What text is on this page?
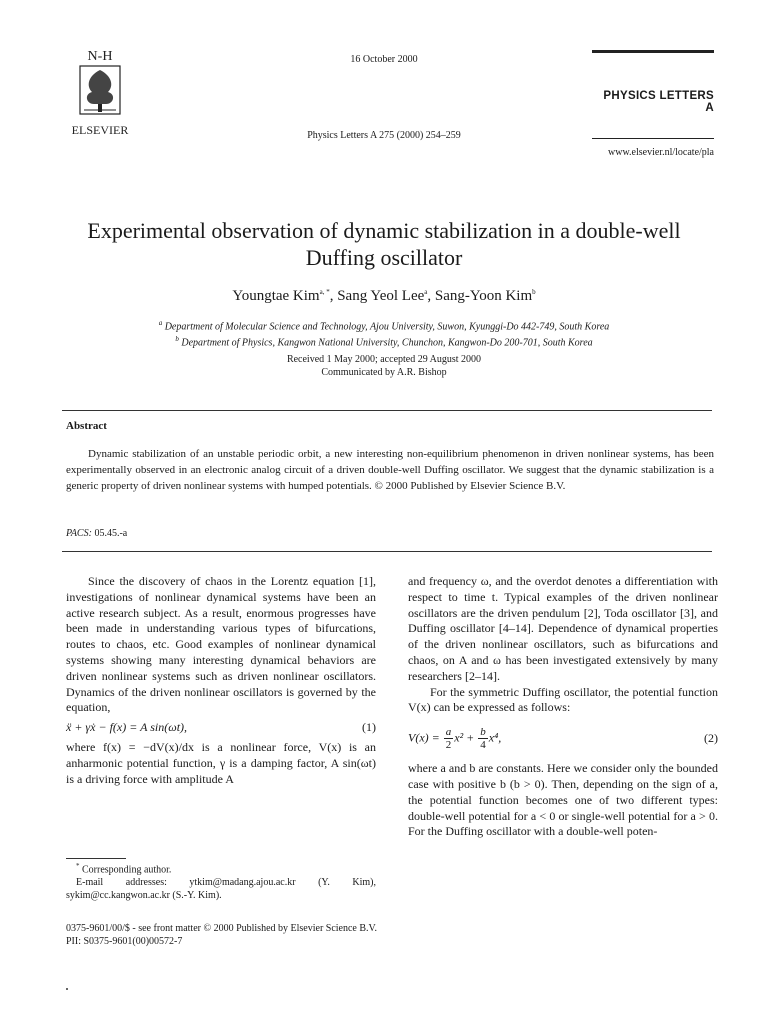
N-H
ELSEVIER
16 October 2000
Physics Letters A 275 (2000) 254–259
PHYSICS LETTERS A
www.elsevier.nl/locate/pla
Experimental observation of dynamic stabilization in a double-well Duffing oscillator
Youngtae Kim$^{a, *}$, Sang Yeol Lee$^a$, Sang-Yoon Kim$^b$
$^a$ Department of Molecular Science and Technology, Ajou University, Suwon, Kyunggi-Do 442-749, South Korea
$^b$ Department of Physics, Kangwon National University, Chunchon, Kangwon-Do 200-701, South Korea
Received 1 May 2000; accepted 29 August 2000
Communicated by A.R. Bishop
Abstract
Dynamic stabilization of an unstable periodic orbit, a new interesting non-equilibrium phenomenon in driven nonlinear systems, has been experimentally observed in an electronic analog circuit of a driven double-well Duffing oscillator. We suggest that the dynamic stabilization is a generic property of driven nonlinear systems with humped potentials. © 2000 Published by Elsevier Science B.V.
PACS: 05.45.-a

Since the discovery of chaos in the Lorentz equation [1], investigations of nonlinear dynamical systems have been an active research subject. As a result, enormous progresses have been made in understanding various types of bifurcations, routes to chaos, etc. Good examples of nonlinear dynamical systems showing many interesting dynamical behaviors are driven nonlinear systems such as driven nonlinear oscillators. Dynamics of the driven nonlinear oscillators is governed by the equation,

ẍ + γẋ − f(x) = A sin(ωt),	(1)

where f(x) = −dV(x)/dx is a nonlinear force, V(x) is an anharmonic potential function, γ is a damping factor, A sin(ωt) is a driving force with amplitude A

* Corresponding author.

E-mail addresses: ytkim@madang.ajou.ac.kr (Y. Kim), sykim@cc.kangwon.ac.kr (S.-Y. Kim).

and frequency ω, and the overdot denotes a differentiation with respect to time t. Typical examples of the driven nonlinear oscillators are the driven pendulum [2], Toda oscillator [3], and Duffing oscillator [4–14]. Dependence of dynamical properties of the driven nonlinear oscillators, such as bifurcations and chaos, on A and ω has been investigated extensively by many researchers [2–14].

For the symmetric Duffing oscillator, the potential function V(x) can be expressed as follows:

$V(x) = \frac{a}{2} x^2 + \frac{b}{4} x^4$,	(2)

where a and b are constants. Here we consider only the bounded case with positive b (b > 0). Then, depending on the sign of a, the potential function becomes one of two different types: double-well potential for a < 0 or single-well potential for a > 0. For the Duffing oscillator with a double-well poten-

0375-9601/00/$ - see front matter © 2000 Published by Elsevier Science B.V.
PII: S0375-9601(00)00572-7
